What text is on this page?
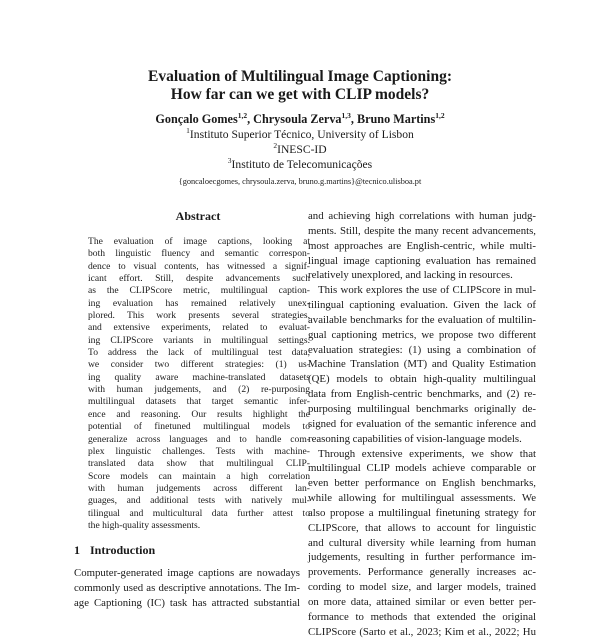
Evaluation of Multilingual Image Captioning:
How far can we get with CLIP models?
Gonçalo Gomes$^{1,2}$, Chrysoula Zerva$^{1,3}$, Bruno Martins$^{1,2}$
$^1$Instituto Superior Técnico, University of Lisbon
$^2$INESC-ID
$^3$Instituto de Telecomunicações
{goncaloecgomes, chrysoula.zerva, bruno.g.martins}@tecnico.ulisboa.pt
Abstract
The evaluation of image captions, looking at
both linguistic fluency and semantic correspon-
dence to visual contents, has witnessed a signif-
icant effort. Still, despite advancements such
as the CLIPScore metric, multilingual caption-
ing evaluation has remained relatively unex-
plored. This work presents several strategies,
and extensive experiments, related to evaluat-
ing CLIPScore variants in multilingual settings.
To address the lack of multilingual test data,
we consider two different strategies: (1) us-
ing quality aware machine-translated datasets
with human judgements, and (2) re-purposing
multilingual datasets that target semantic infer-
ence and reasoning. Our results highlight the
potential of finetuned multilingual models to
generalize across languages and to handle com-
plex linguistic challenges. Tests with machine-
translated data show that multilingual CLIP-
Score models can maintain a high correlation
with human judgements across different lan-
guages, and additional tests with natively mul-
tilingual and multicultural data further attest to
the high-quality assessments.
1 Introduction
Computer-generated image captions are nowadays
commonly used as descriptive annotations. The Im-
age Captioning (IC) task has attracted substantial
and achieving high correlations with human judg-
ments. Still, despite the many recent advancements,
most approaches are English-centric, while multi-
lingual image captioning evaluation has remained
relatively unexplored, and lacking in resources.
This work explores the use of CLIPScore in mul-
tilingual captioning evaluation. Given the lack of
available benchmarks for the evaluation of multilin-
gual captioning metrics, we propose two different
evaluation strategies: (1) using a combination of
Machine Translation (MT) and Quality Estimation
(QE) models to obtain high-quality multilingual
data from English-centric benchmarks, and (2) re-
purposing multilingual benchmarks originally de-
signed for evaluation of the semantic inference and
reasoning capabilities of vision-language models.
Through extensive experiments, we show that
multilingual CLIP models achieve comparable or
even better performance on English benchmarks,
while allowing for multilingual assessments. We
also propose a multilingual finetuning strategy for
CLIPScore, that allows to account for linguistic
and cultural diversity while learning from human
judgements, resulting in further performance im-
provements. Performance generally increases ac-
cording to model size, and larger models, trained
on more data, attained similar or even better per-
formance to methods that extended the original
CLIPScore (Sarto et al., 2023; Kim et al., 2022; Hu
